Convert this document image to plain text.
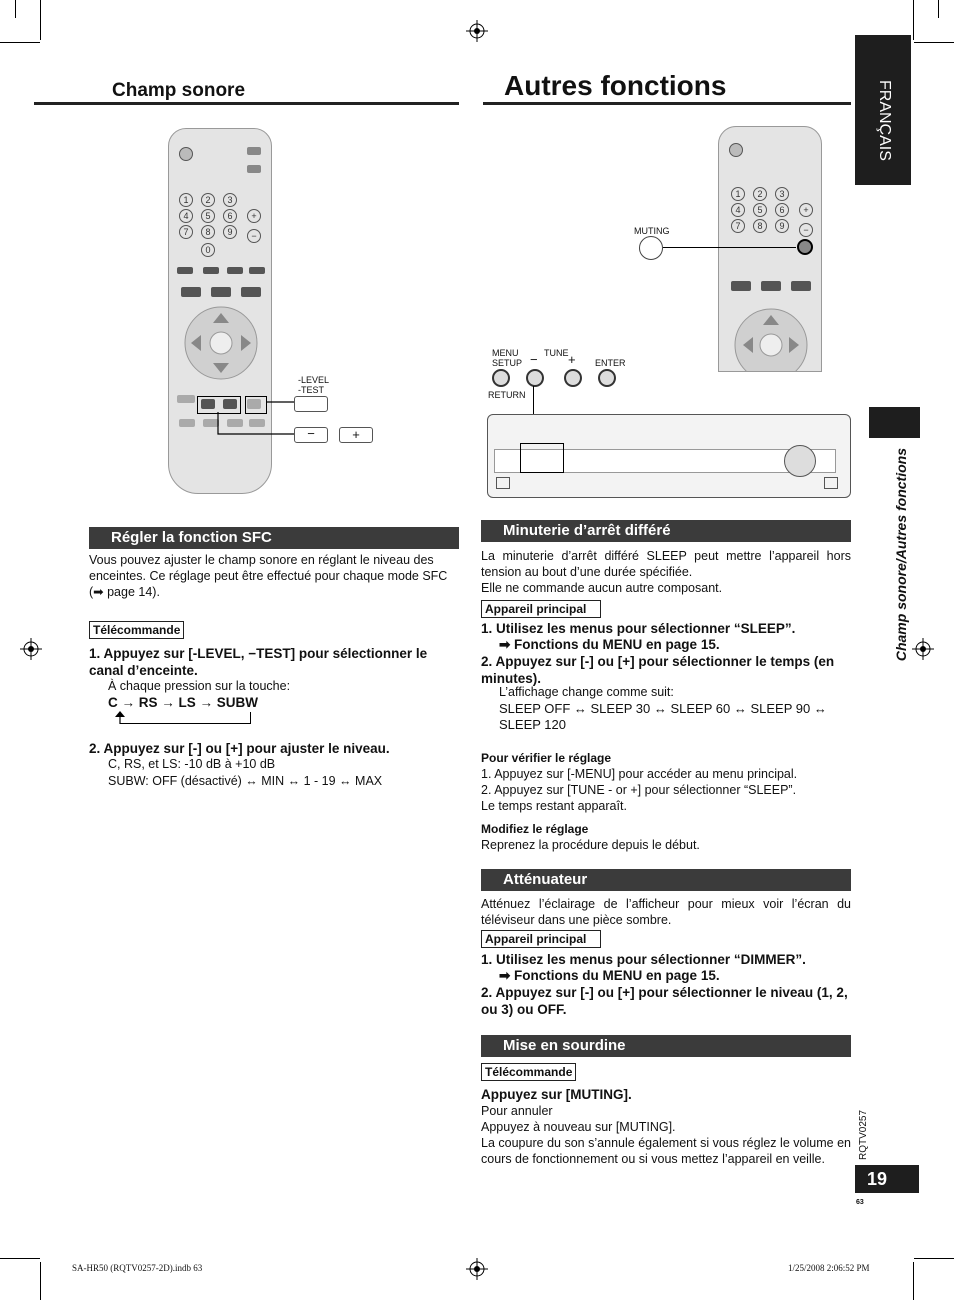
Champ sonore
1	2	3
4	5	6
7	8	9
0
+
−
-LEVEL
-TEST
−	+
Régler la fonction SFC
Vous pouvez ajuster le champ sonore en réglant le niveau des enceintes. Ce réglage peut être effectué pour chaque mode SFC (➡ page 14).
Télécommande
1. Appuyez sur [-LEVEL, −TEST] pour sélectionner le canal d’enceinte.
À chaque pression sur la touche:
C → RS → LS → SUBW
2. Appuyez sur [-] ou [+] pour ajuster le niveau.
C, RS, et LS: -10 dB à +10 dB
SUBW: OFF (désactivé) ↔ MIN ↔ 1 - 19 ↔ MAX
Autres fonctions	FRANÇAIS
Champ sonore/Autres fonctions
1	2	3
4	5	6
7	8	9
+
−
MUTING
MENU
SETUP
TUNE
− + ENTER
RETURN
Minuterie d’arrêt différé
La minuterie d’arrêt différé SLEEP peut mettre l’appareil hors tension au bout d’une durée spécifiée.
Elle ne commande aucun autre composant.
Appareil principal
1. Utilisez les menus pour sélectionner “SLEEP”.
➡ Fonctions du MENU en page 15.
2. Appuyez sur [-] ou [+] pour sélectionner le temps (en minutes).
L’affichage change comme suit:
SLEEP OFF ↔ SLEEP 30 ↔ SLEEP 60 ↔ SLEEP 90 ↔ SLEEP 120
Pour vérifier le réglage
1. Appuyez sur [-MENU] pour accéder au menu principal.
2. Appuyez sur [TUNE - or +] pour sélectionner “SLEEP”.
Le temps restant apparaît.
Modifiez le réglage
Reprenez la procédure depuis le début.
Atténuateur
Atténuez l’éclairage de l’afficheur pour mieux voir l’écran du téléviseur dans une pièce sombre.
Appareil principal
1. Utilisez les menus pour sélectionner “DIMMER”.
➡ Fonctions du MENU en page 15.
2. Appuyez sur [-] ou [+] pour sélectionner le niveau (1, 2, ou 3) ou OFF.
Mise en sourdine
Télécommande
Appuyez sur [MUTING].
Pour annuler
Appuyez à nouveau sur [MUTING].
La coupure du son s’annule également si vous réglez le volume en cours de fonctionnement ou si vous mettez l’appareil en veille.	RQTV0257
19
63
SA-HR50 (RQTV0257-2D).indb 63	1/25/2008 2:06:52 PM
